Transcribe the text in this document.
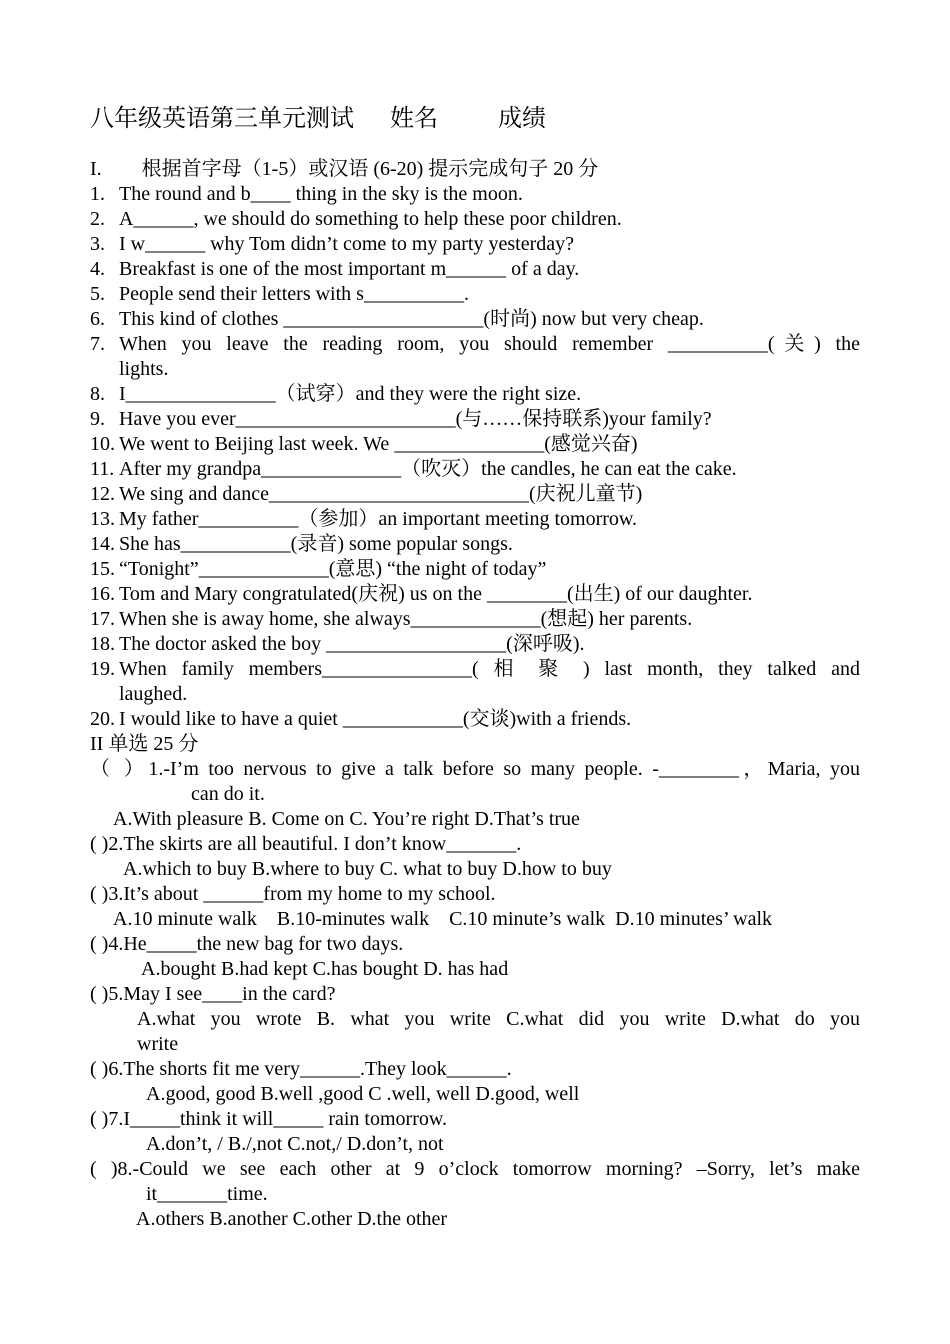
八年级英语第三单元测试      姓名          成绩
I.        根据首字母（1-5）或汉语 (6-20) 提示完成句子 20 分
1. The round and b____ thing in the sky is the moon.
2. A______, we should do something to help these poor children.
3. I w______ why Tom didn’t come to my party yesterday?
4. Breakfast is one of the most important m______ of a day.
5. People send their letters with s__________.
6. This kind of clothes ____________________(时尚) now but very cheap.
7. When you leave the reading room, you should remember __________(关) the
lights.
8. I_______________（试穿）and they were the right size.
9. Have you ever______________________(与……保持联系)your family?
10. We went to Beijing last week. We _______________(感觉兴奋)
11. After my grandpa______________（吹灭）the candles, he can eat the cake.
12. We sing and dance__________________________(庆祝儿童节)
13. My father__________（参加）an important meeting tomorrow.
14. She has___________(录音) some popular songs.
15. “Tonight”_____________(意思) “the night of today”
16. Tom and Mary congratulated(庆祝) us on the ________(出生) of our daughter.
17. When she is away home, she always_____________(想起) her parents.
18. The doctor asked the boy __________________(深呼吸).
19. When family members_______________( 相 聚 ) last month, they talked and
laughed.
20. I would like to have a quiet ____________(交谈)with a friends.
II 单选 25 分
（ ）1.-I’m too nervous to give a talk before so many people. -________，Maria, you
can do it.
A.With pleasure B. Come on C. You’re right D.That’s true
( )2.The skirts are all beautiful. I don’t know_______.
A.which to buy B.where to buy C. what to buy D.how to buy
( )3.It’s about ______from my home to my school.
A.10 minute walk    B.10-minutes walk    C.10 minute’s walk  D.10 minutes’ walk
( )4.He_____the new bag for two days.
A.bought B.had kept C.has bought D. has had
( )5.May I see____in the card?
A.what you wrote B. what you write C.what did you write D.what do you
write
( )6.The shorts fit me very______.They look______.
A.good, good B.well ,good C .well, well D.good, well
( )7.I_____think it will_____ rain tomorrow.
A.don’t, / B./,not C.not,/ D.don’t, not
( )8.-Could we see each other at 9 o’clock tomorrow morning? –Sorry, let’s make
it_______time.
A.others B.another C.other D.the other
